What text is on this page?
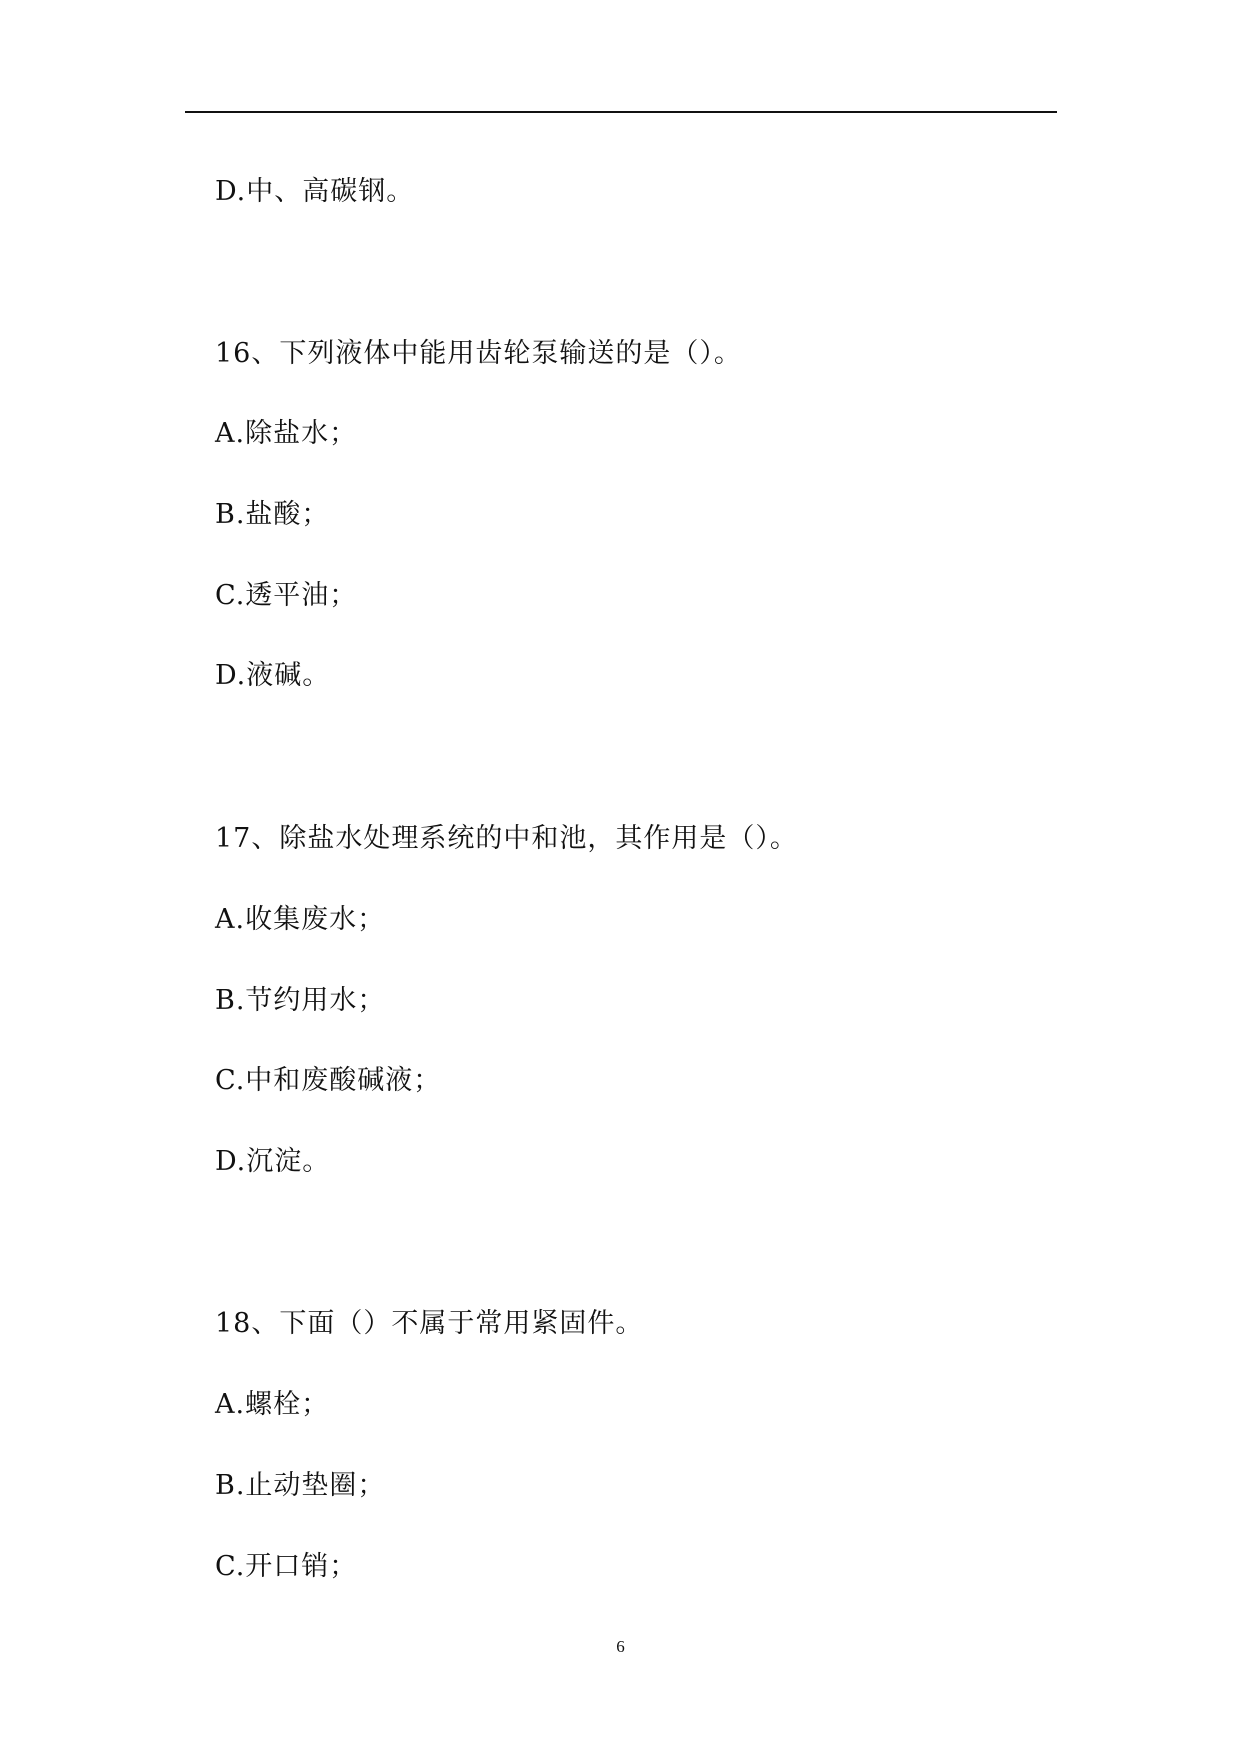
D.中、高碳钢。
16、下列液体中能用齿轮泵输送的是（）。
A.除盐水；
B.盐酸；
C.透平油；
D.液碱。
17、除盐水处理系统的中和池，其作用是（）。
A.收集废水；
B.节约用水；
C.中和废酸碱液；
D.沉淀。
18、下面（）不属于常用紧固件。
A.螺栓；
B.止动垫圈；
C.开口销；
6
